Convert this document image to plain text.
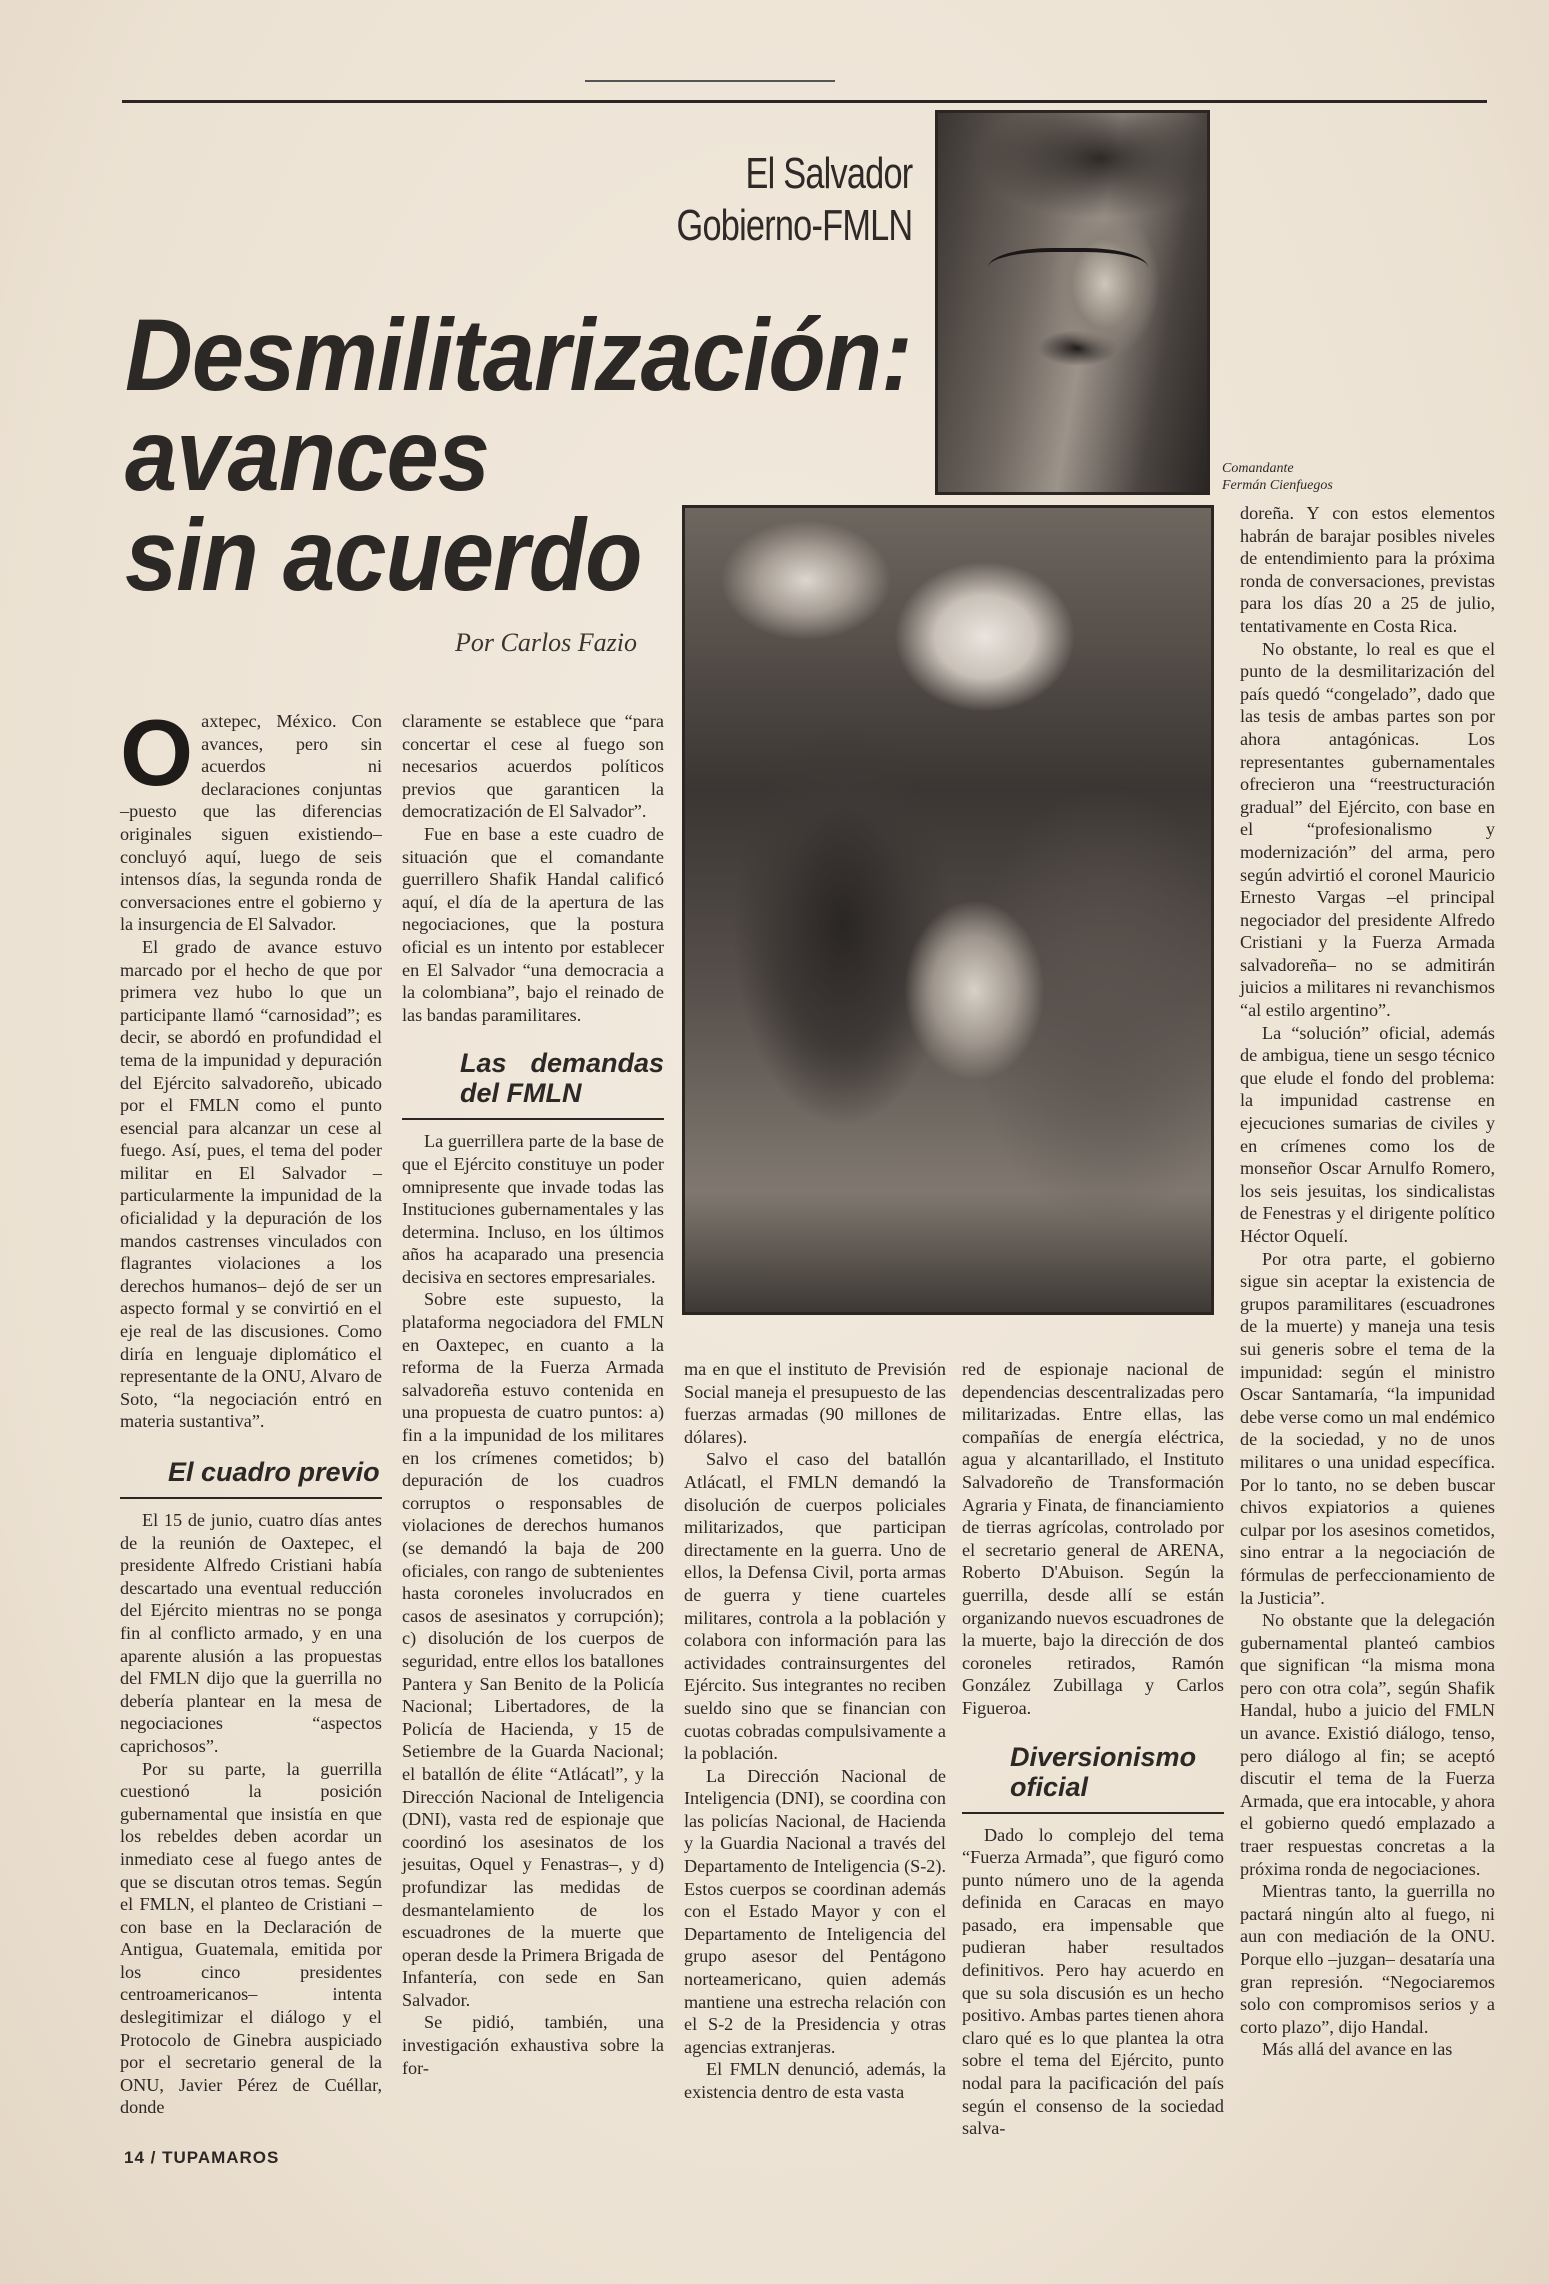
El Salvador
Gobierno-FMLN
Desmilitarización:
avances
sin acuerdo
Por Carlos Fazio
Comandante
Fermán Cienfuegos

Oaxtepec, México. Con avances, pero sin acuerdos ni declaraciones conjuntas –puesto que las diferencias originales siguen existiendo– concluyó aquí, luego de seis intensos días, la segunda ronda de conversaciones entre el gobierno y la insurgencia de El Salvador.

El grado de avance estuvo marcado por el hecho de que por primera vez hubo lo que un participante llamó “carnosidad”; es decir, se abordó en profundidad el tema de la impunidad y depuración del Ejército salvadoreño, ubicado por el FMLN como el punto esencial para alcanzar un cese al fuego. Así, pues, el tema del poder militar en El Salvador –particularmente la impunidad de la oficialidad y la depuración de los mandos castrenses vinculados con flagrantes violaciones a los derechos humanos– dejó de ser un aspecto formal y se convirtió en el eje real de las discusiones. Como diría en lenguaje diplomático el representante de la ONU, Alvaro de Soto, “la negociación entró en materia sustantiva”.

El cuadro previo

El 15 de junio, cuatro días antes de la reunión de Oaxtepec, el presidente Alfredo Cristiani había descartado una eventual reducción del Ejército mientras no se ponga fin al conflicto armado, y en una aparente alusión a las propuestas del FMLN dijo que la guerrilla no debería plantear en la mesa de negociaciones “aspectos caprichosos”.

Por su parte, la guerrilla cuestionó la posición gubernamental que insistía en que los rebeldes deben acordar un inmediato cese al fuego antes de que se discutan otros temas. Según el FMLN, el planteo de Cristiani –con base en la Declaración de Antigua, Guatemala, emitida por los cinco presidentes centroamericanos– intenta deslegitimizar el diálogo y el Protocolo de Ginebra auspiciado por el secretario general de la ONU, Javier Pérez de Cuéllar, donde

claramente se establece que “para concertar el cese al fuego son necesarios acuerdos políticos previos que garanticen la democratización de El Salvador”.

Fue en base a este cuadro de situación que el comandante guerrillero Shafik Handal calificó aquí, el día de la apertura de las negociaciones, que la postura oficial es un intento por establecer en El Salvador “una democracia a la colombiana”, bajo el reinado de las bandas paramilitares.

Las demandas del FMLN

La guerrillera parte de la base de que el Ejército constituye un poder omnipresente que invade todas las Instituciones gubernamentales y las determina. Incluso, en los últimos años ha acaparado una presencia decisiva en sectores empresariales.

Sobre este supuesto, la plataforma negociadora del FMLN en Oaxtepec, en cuanto a la reforma de la Fuerza Armada salvadoreña estuvo contenida en una propuesta de cuatro puntos: a) fin a la impunidad de los militares en los crímenes cometidos; b) depuración de los cuadros corruptos o responsables de violaciones de derechos humanos (se demandó la baja de 200 oficiales, con rango de subtenientes hasta coroneles involucrados en casos de asesinatos y corrupción); c) disolución de los cuerpos de seguridad, entre ellos los batallones Pantera y San Benito de la Policía Nacional; Libertadores, de la Policía de Hacienda, y 15 de Setiembre de la Guarda Nacional; el batallón de élite “Atlácatl”, y la Dirección Nacional de Inteligencia (DNI), vasta red de espionaje que coordinó los asesinatos de los jesuitas, Oquel y Fenastras–, y d) profundizar las medidas de desmantelamiento de los escuadrones de la muerte que operan desde la Primera Brigada de Infantería, con sede en San Salvador.

Se pidió, también, una investigación exhaustiva sobre la for-

ma en que el instituto de Previsión Social maneja el presupuesto de las fuerzas armadas (90 millones de dólares).

Salvo el caso del batallón Atlácatl, el FMLN demandó la disolución de cuerpos policiales militarizados, que participan directamente en la guerra. Uno de ellos, la Defensa Civil, porta armas de guerra y tiene cuarteles militares, controla a la población y colabora con información para las actividades contrainsurgentes del Ejército. Sus integrantes no reciben sueldo sino que se financian con cuotas cobradas compulsivamente a la población.

La Dirección Nacional de Inteligencia (DNI), se coordina con las policías Nacional, de Hacienda y la Guardia Nacional a través del Departamento de Inteligencia (S-2). Estos cuerpos se coordinan además con el Estado Mayor y con el Departamento de Inteligencia del grupo asesor del Pentágono norteamericano, quien además mantiene una estrecha relación con el S-2 de la Presidencia y otras agencias extranjeras.

El FMLN denunció, además, la existencia dentro de esta vasta

red de espionaje nacional de dependencias descentralizadas pero militarizadas. Entre ellas, las compañías de energía eléctrica, agua y alcantarillado, el Instituto Salvadoreño de Transformación Agraria y Finata, de financiamiento de tierras agrícolas, controlado por el secretario general de ARENA, Roberto D'Abuison. Según la guerrilla, desde allí se están organizando nuevos escuadrones de la muerte, bajo la dirección de dos coroneles retirados, Ramón González Zubillaga y Carlos Figueroa.

Diversionismo oficial

Dado lo complejo del tema “Fuerza Armada”, que figuró como punto número uno de la agenda definida en Caracas en mayo pasado, era impensable que pudieran haber resultados definitivos. Pero hay acuerdo en que su sola discusión es un hecho positivo. Ambas partes tienen ahora claro qué es lo que plantea la otra sobre el tema del Ejército, punto nodal para la pacificación del país según el consenso de la sociedad salva-

doreña. Y con estos elementos habrán de barajar posibles niveles de entendimiento para la próxima ronda de conversaciones, previstas para los días 20 a 25 de julio, tentativamente en Costa Rica.

No obstante, lo real es que el punto de la desmilitarización del país quedó “congelado”, dado que las tesis de ambas partes son por ahora antagónicas. Los representantes gubernamentales ofrecieron una “reestructuración gradual” del Ejército, con base en el “profesionalismo y modernización” del arma, pero según advirtió el coronel Mauricio Ernesto Vargas –el principal negociador del presidente Alfredo Cristiani y la Fuerza Armada salvadoreña– no se admitirán juicios a militares ni revanchismos “al estilo argentino”.

La “solución” oficial, además de ambigua, tiene un sesgo técnico que elude el fondo del problema: la impunidad castrense en ejecuciones sumarias de civiles y en crímenes como los de monseñor Oscar Arnulfo Romero, los seis jesuitas, los sindicalistas de Fenestras y el dirigente político Héctor Oquelí.

Por otra parte, el gobierno sigue sin aceptar la existencia de grupos paramilitares (escuadrones de la muerte) y maneja una tesis sui generis sobre el tema de la impunidad: según el ministro Oscar Santamaría, “la impunidad debe verse como un mal endémico de la sociedad, y no de unos militares o una unidad específica. Por lo tanto, no se deben buscar chivos expiatorios a quienes culpar por los asesinos cometidos, sino entrar a la negociación de fórmulas de perfeccionamiento de la Justicia”.

No obstante que la delegación gubernamental planteó cambios que significan “la misma mona pero con otra cola”, según Shafik Handal, hubo a juicio del FMLN un avance. Existió diálogo, tenso, pero diálogo al fin; se aceptó discutir el tema de la Fuerza Armada, que era intocable, y ahora el gobierno quedó emplazado a traer respuestas concretas a la próxima ronda de negociaciones.

Mientras tanto, la guerrilla no pactará ningún alto al fuego, ni aun con mediación de la ONU. Porque ello –juzgan– desataría una gran represión. “Negociaremos solo con compromisos serios y a corto plazo”, dijo Handal.

Más allá del avance en las

14 / TUPAMAROS
